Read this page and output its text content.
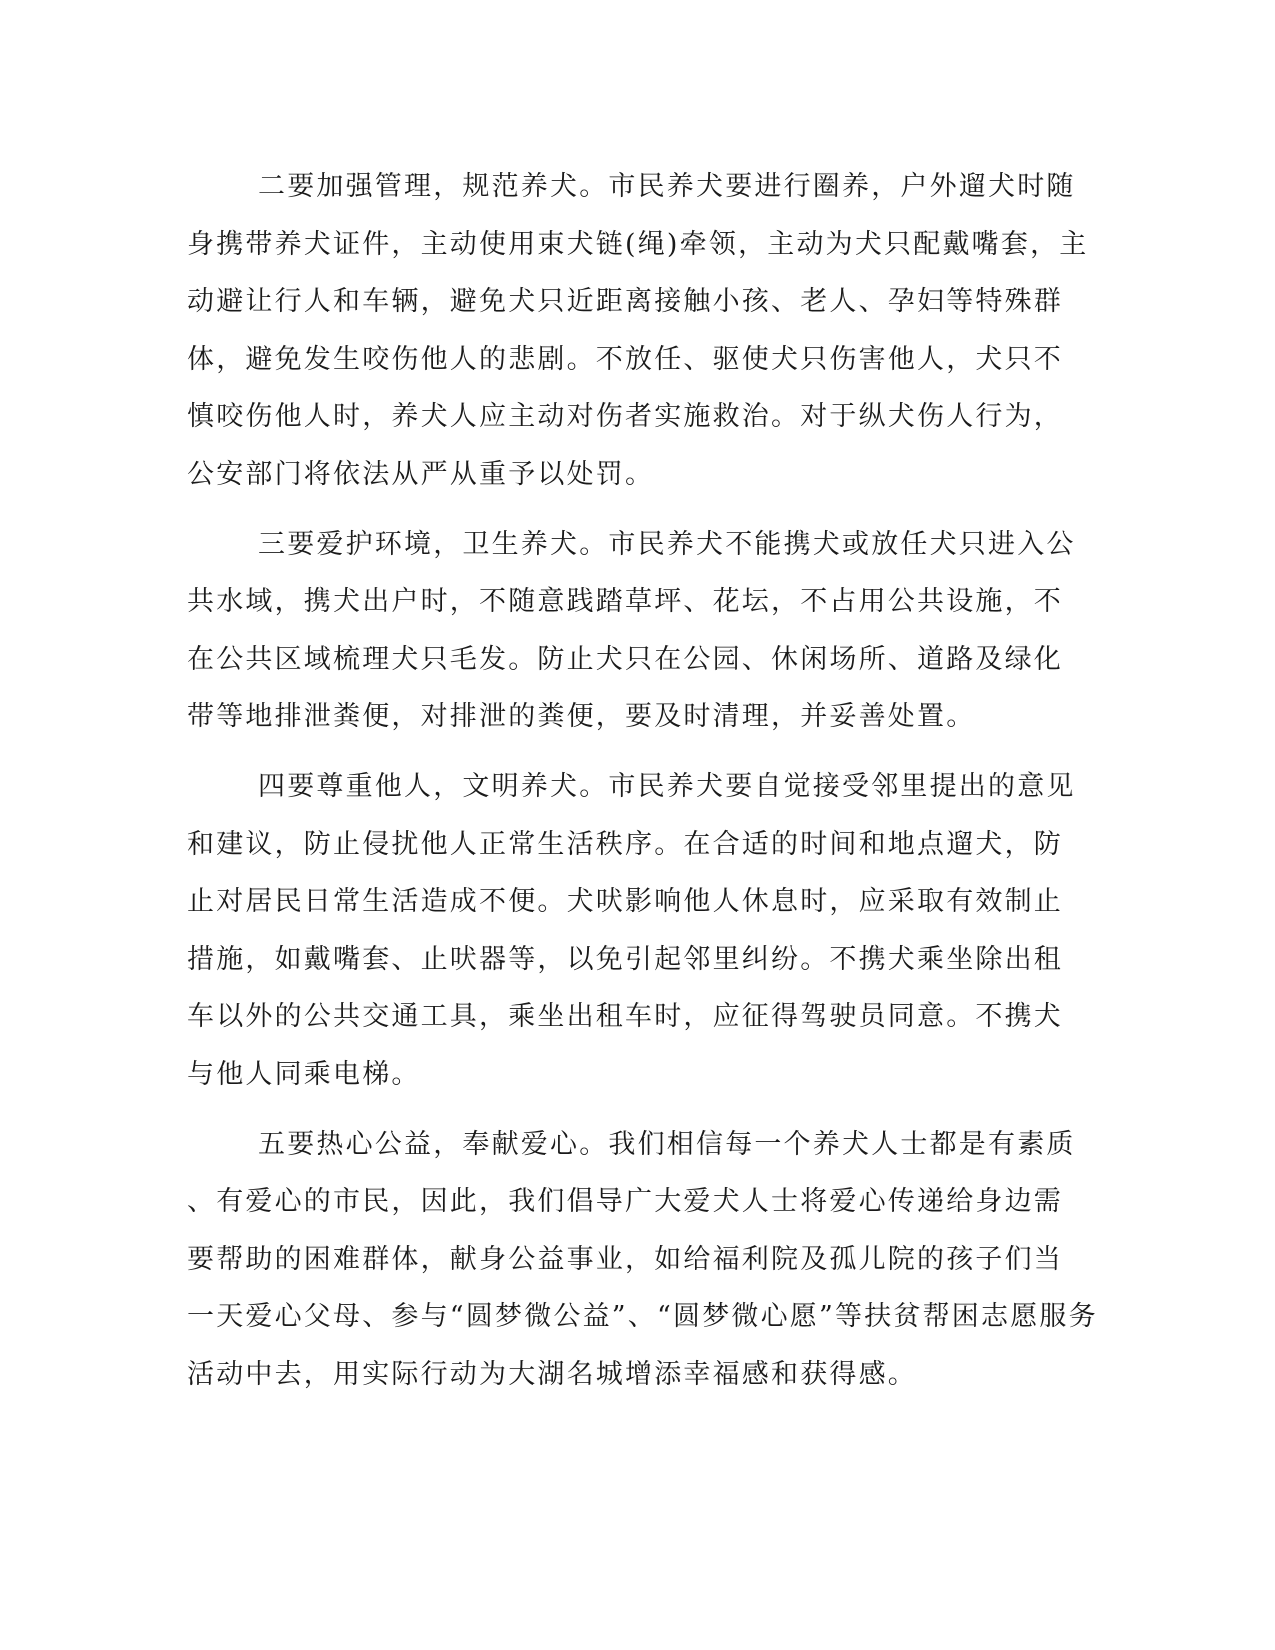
二要加强管理，规范养犬。市民养犬要进行圈养，户外遛犬时随
身携带养犬证件，主动使用束犬链(绳)牵领，主动为犬只配戴嘴套，主
动避让行人和车辆，避免犬只近距离接触小孩、老人、孕妇等特殊群
体，避免发生咬伤他人的悲剧。不放任、驱使犬只伤害他人，犬只不
慎咬伤他人时，养犬人应主动对伤者实施救治。对于纵犬伤人行为，
公安部门将依法从严从重予以处罚。
三要爱护环境，卫生养犬。市民养犬不能携犬或放任犬只进入公
共水域，携犬出户时，不随意践踏草坪、花坛，不占用公共设施，不
在公共区域梳理犬只毛发。防止犬只在公园、休闲场所、道路及绿化
带等地排泄粪便，对排泄的粪便，要及时清理，并妥善处置。
四要尊重他人，文明养犬。市民养犬要自觉接受邻里提出的意见
和建议，防止侵扰他人正常生活秩序。在合适的时间和地点遛犬，防
止对居民日常生活造成不便。犬吠影响他人休息时，应采取有效制止
措施，如戴嘴套、止吠器等，以免引起邻里纠纷。不携犬乘坐除出租
车以外的公共交通工具，乘坐出租车时，应征得驾驶员同意。不携犬
与他人同乘电梯。
五要热心公益，奉献爱心。我们相信每一个养犬人士都是有素质
、有爱心的市民，因此，我们倡导广大爱犬人士将爱心传递给身边需
要帮助的困难群体，献身公益事业，如给福利院及孤儿院的孩子们当
一天爱心父母、参与“圆梦微公益”、“圆梦微心愿”等扶贫帮困志愿服务
活动中去，用实际行动为大湖名城增添幸福感和获得感。
